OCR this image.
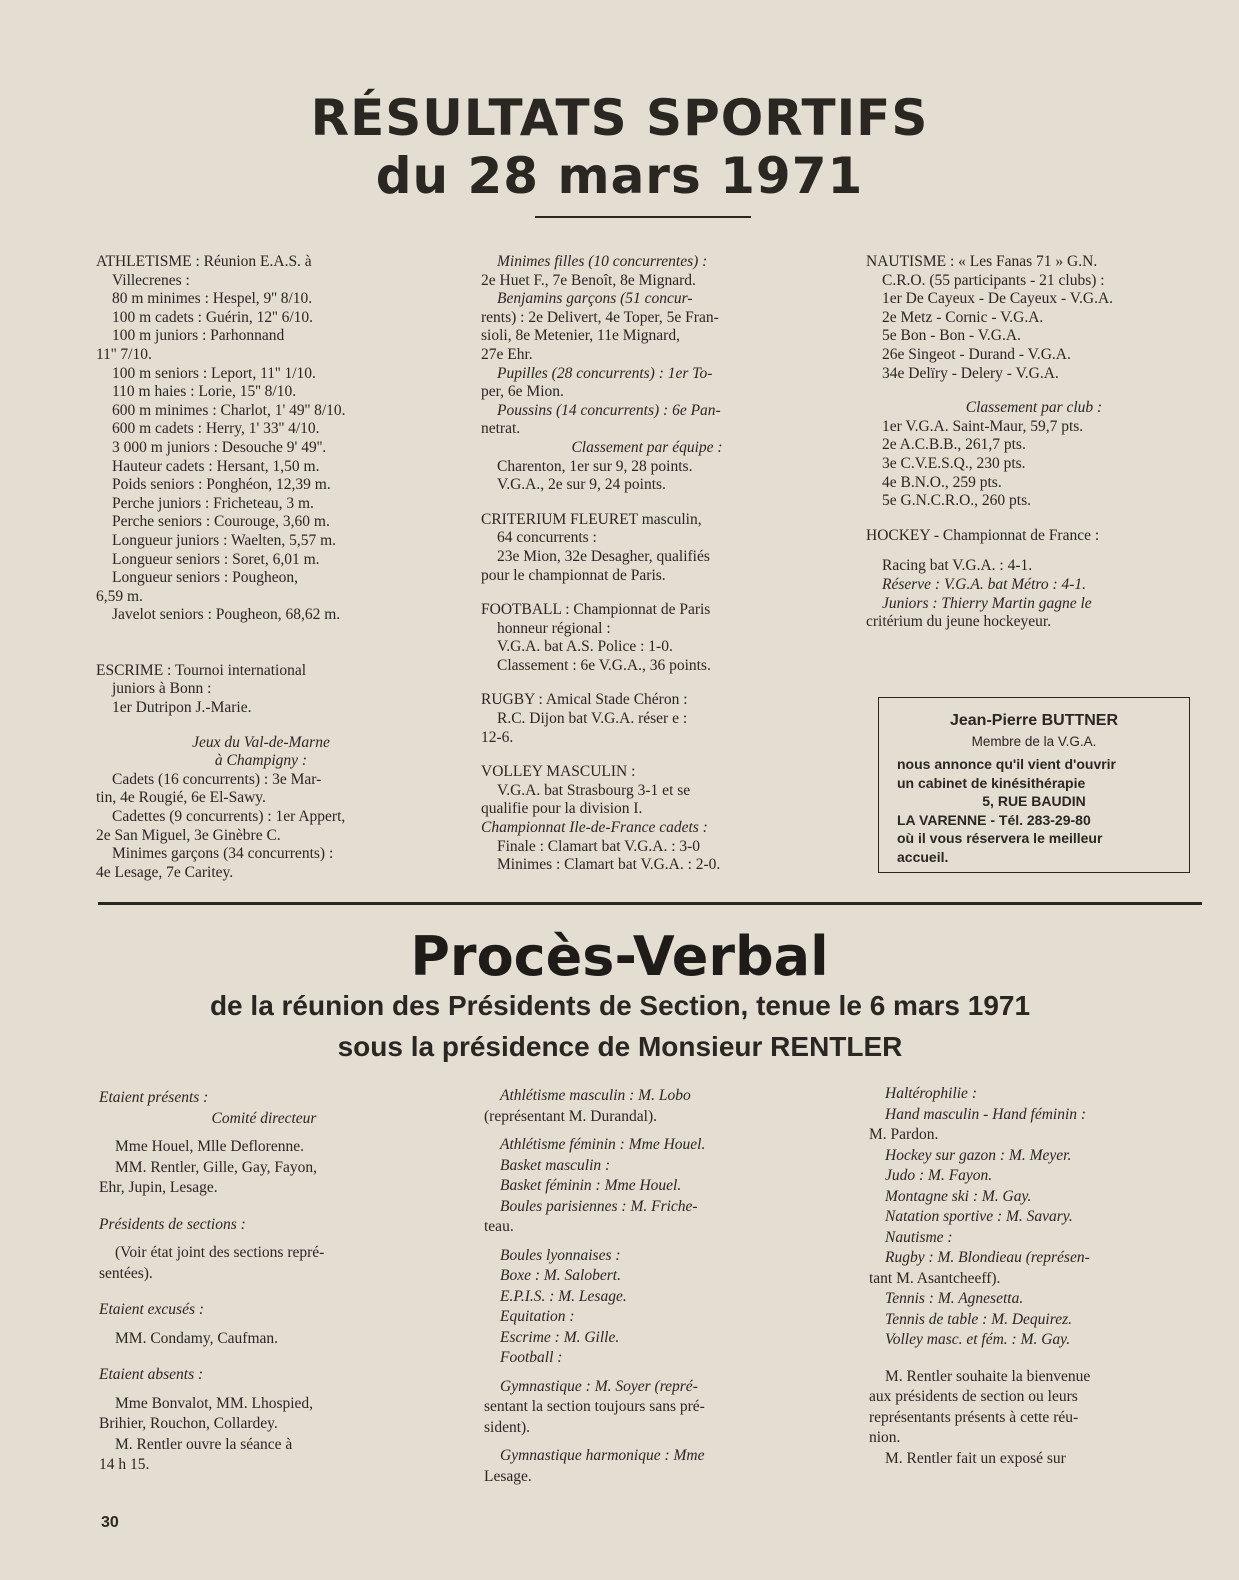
RÉSULTATS SPORTIFS
du 28 mars 1971

ATHLETISME : Réunion E.A.S. à

Villecrenes :

80 m minimes : Hespel, 9'' 8/10.

100 m cadets : Guérin, 12'' 6/10.

100 m juniors : Parhonnand

11'' 7/10.

100 m seniors : Leport, 11'' 1/10.

110 m haies : Lorie, 15'' 8/10.

600 m minimes : Charlot, 1' 49'' 8/10.

600 m cadets : Herry, 1' 33'' 4/10.

3 000 m juniors : Desouche 9' 49''.

Hauteur cadets : Hersant, 1,50 m.

Poids seniors : Ponghéon, 12,39 m.

Perche juniors : Fricheteau, 3 m.

Perche seniors : Courouge, 3,60 m.

Longueur juniors : Waelten, 5,57 m.

Longueur seniors : Soret, 6,01 m.

Longueur seniors : Pougheon,

6,59 m.

Javelot seniors : Pougheon, 68,62 m.

ESCRIME : Tournoi international

juniors à Bonn :

1er Dutripon J.-Marie.

Jeux du Val-de-Marne

à Champigny :

Cadets (16 concurrents) : 3e Mar-

tin, 4e Rougié, 6e El-Sawy.

Cadettes (9 concurrents) : 1er Appert,

2e San Miguel, 3e Ginèbre C.

Minimes garçons (34 concurrents) :

4e Lesage, 7e Caritey.

Minimes filles (10 concurrentes) :

2e Huet F., 7e Benoît, 8e Mignard.

Benjamins garçons (51 concur-

rents) : 2e Delivert, 4e Toper, 5e Fran-

sioli, 8e Metenier, 11e Mignard,

27e Ehr.

Pupilles (28 concurrents) : 1er To-

per, 6e Mion.

Poussins (14 concurrents) : 6e Pan-

netrat.

Classement par équipe :

Charenton, 1er sur 9, 28 points.

V.G.A., 2e sur 9, 24 points.

CRITERIUM FLEURET masculin,

64 concurrents :

23e Mion, 32e Desagher, qualifiés

pour le championnat de Paris.

FOOTBALL : Championnat de Paris

honneur régional :

V.G.A. bat A.S. Police : 1-0.

Classement : 6e V.G.A., 36 points.

RUGBY : Amical Stade Chéron :

R.C. Dijon bat V.G.A. réser e :

12-6.

VOLLEY MASCULIN :

V.G.A. bat Strasbourg 3-1 et se

qualifie pour la division I.

Championnat Ile-de-France cadets :

Finale : Clamart bat V.G.A. : 3-0

Minimes : Clamart bat V.G.A. : 2-0.

NAUTISME : « Les Fanas 71 » G.N.

C.R.O. (55 participants - 21 clubs) :

1er De Cayeux - De Cayeux - V.G.A.

2e Metz - Cornic - V.G.A.

5e Bon - Bon - V.G.A.

26e Singeot - Durand - V.G.A.

34e Delïry - Delery - V.G.A.

Classement par club :

1er V.G.A. Saint-Maur, 59,7 pts.

2e A.C.B.B., 261,7 pts.

3e C.V.E.S.Q., 230 pts.

4e B.N.O., 259 pts.

5e G.N.C.R.O., 260 pts.

HOCKEY - Championnat de France :

Racing bat V.G.A. : 4-1.

Réserve : V.G.A. bat Métro : 4-1.

Juniors : Thierry Martin gagne le

critérium du jeune hockeyeur.

Jean-Pierre BUTTNER
Membre de la V.G.A.
nous annonce qu'il vient d'ouvrir
un cabinet de kinésithérapie
5, RUE BAUDIN
LA VARENNE - Tél. 283-29-80
où il vous réservera le meilleur
accueil.
Procès-Verbal
de la réunion des Présidents de Section, tenue le 6 mars 1971
sous la présidence de Monsieur RENTLER

Etaient présents :

Comité directeur

Mme Houel, Mlle Deflorenne.

MM. Rentler, Gille, Gay, Fayon,

Ehr, Jupin, Lesage.

Présidents de sections :

(Voir état joint des sections repré-

sentées).

Etaient excusés :

MM. Condamy, Caufman.

Etaient absents :

Mme Bonvalot, MM. Lhospied,

Brihier, Rouchon, Collardey.

M. Rentler ouvre la séance à

14 h 15.

Athlétisme masculin : M. Lobo

(représentant M. Durandal).

Athlétisme féminin : Mme Houel.

Basket masculin :

Basket féminin : Mme Houel.

Boules parisiennes : M. Friche-

teau.

Boules lyonnaises :

Boxe : M. Salobert.

E.P.I.S. : M. Lesage.

Equitation :

Escrime : M. Gille.

Football :

Gymnastique : M. Soyer (repré-

sentant la section toujours sans pré-

sident).

Gymnastique harmonique : Mme

Lesage.

Haltérophilie :

Hand masculin - Hand féminin :

M. Pardon.

Hockey sur gazon : M. Meyer.

Judo : M. Fayon.

Montagne ski : M. Gay.

Natation sportive : M. Savary.

Nautisme :

Rugby : M. Blondieau (représen-

tant M. Asantcheeff).

Tennis : M. Agnesetta.

Tennis de table : M. Dequirez.

Volley masc. et fém. : M. Gay.

M. Rentler souhaite la bienvenue

aux présidents de section ou leurs

représentants présents à cette réu-

nion.

M. Rentler fait un exposé sur

30
